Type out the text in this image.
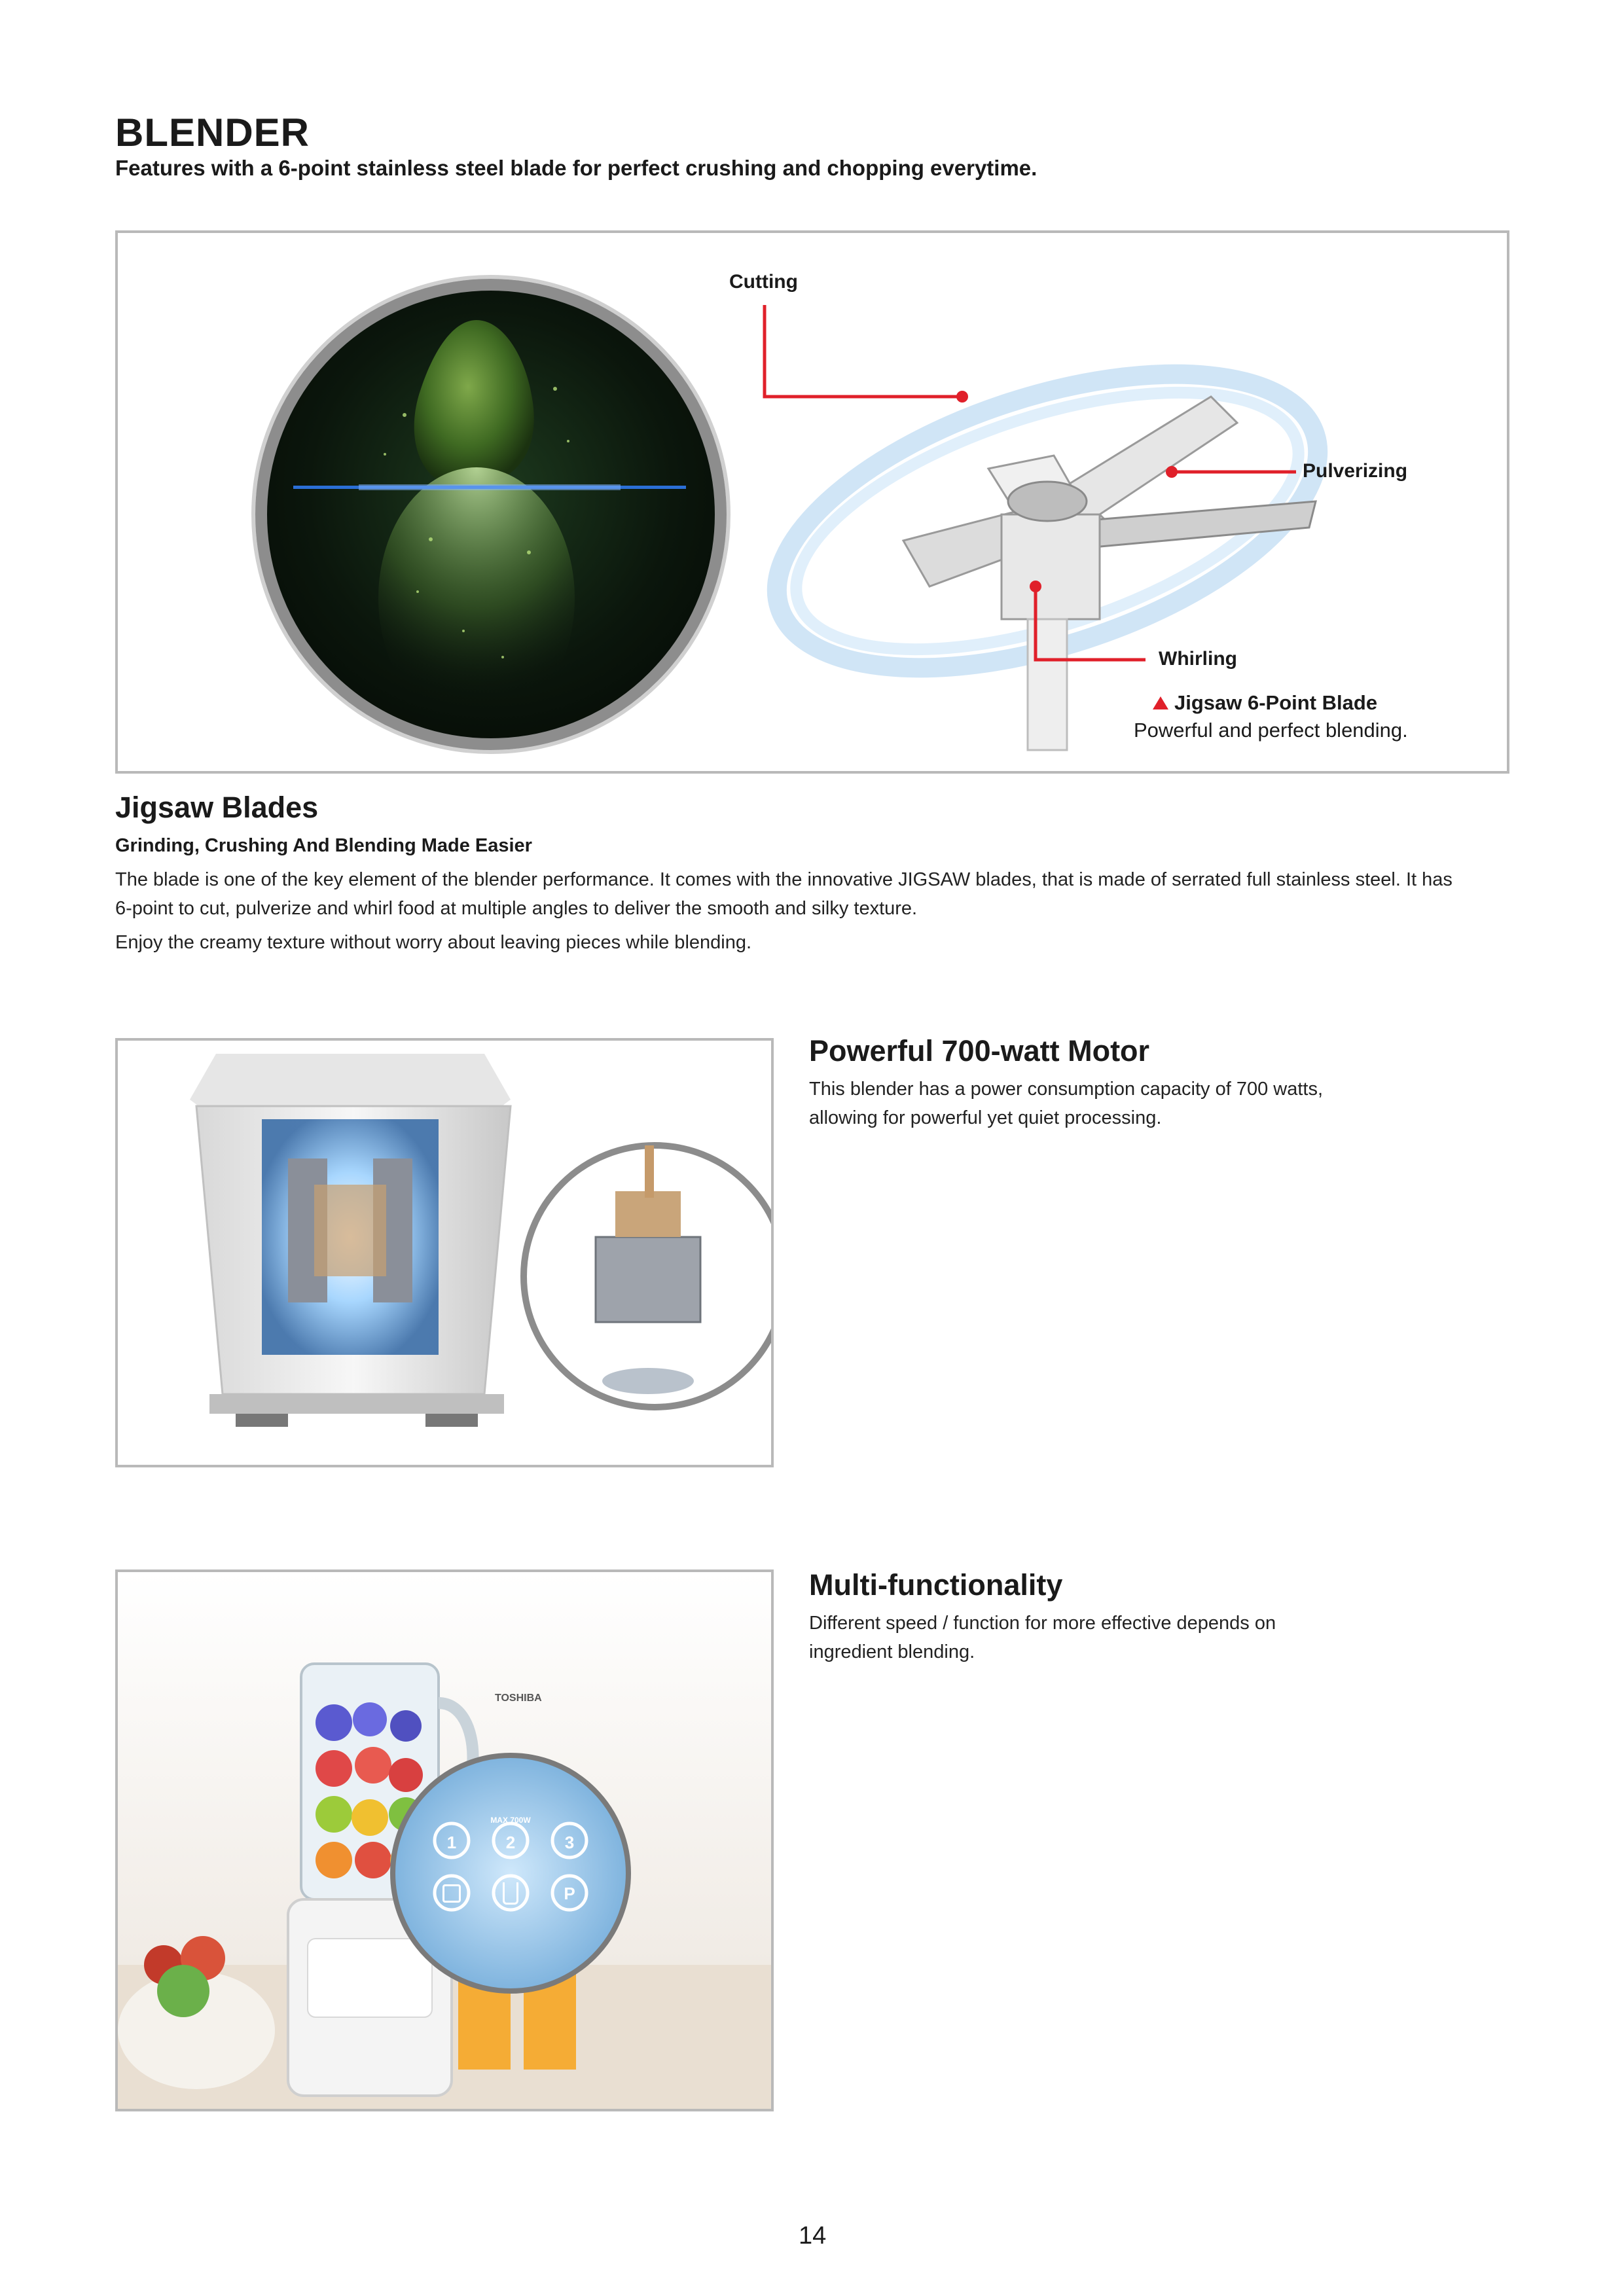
BLENDER
Features with a 6-point stainless steel blade for perfect crushing and chopping everytime.
Cutting
Pulverizing
Whirling
Jigsaw 6-Point Blade
Powerful and perfect blending.
Jigsaw Blades
Grinding, Crushing And Blending Made Easier
The blade is one of the key element of the blender performance. It comes with the innovative JIGSAW blades, that is made of serrated full stainless steel. It has
6-point to cut, pulverize and whirl food at multiple angles to deliver the smooth and silky texture.
Enjoy the creamy texture without worry about leaving pieces while blending.
Powerful 700-watt Motor
This blender has a power consumption capacity of 700 watts,
allowing for powerful yet quiet processing.
TOSHIBA
MAX 700W
1	2	3
P
Multi-functionality
Different speed / function for more effective depends on
ingredient blending.
14
